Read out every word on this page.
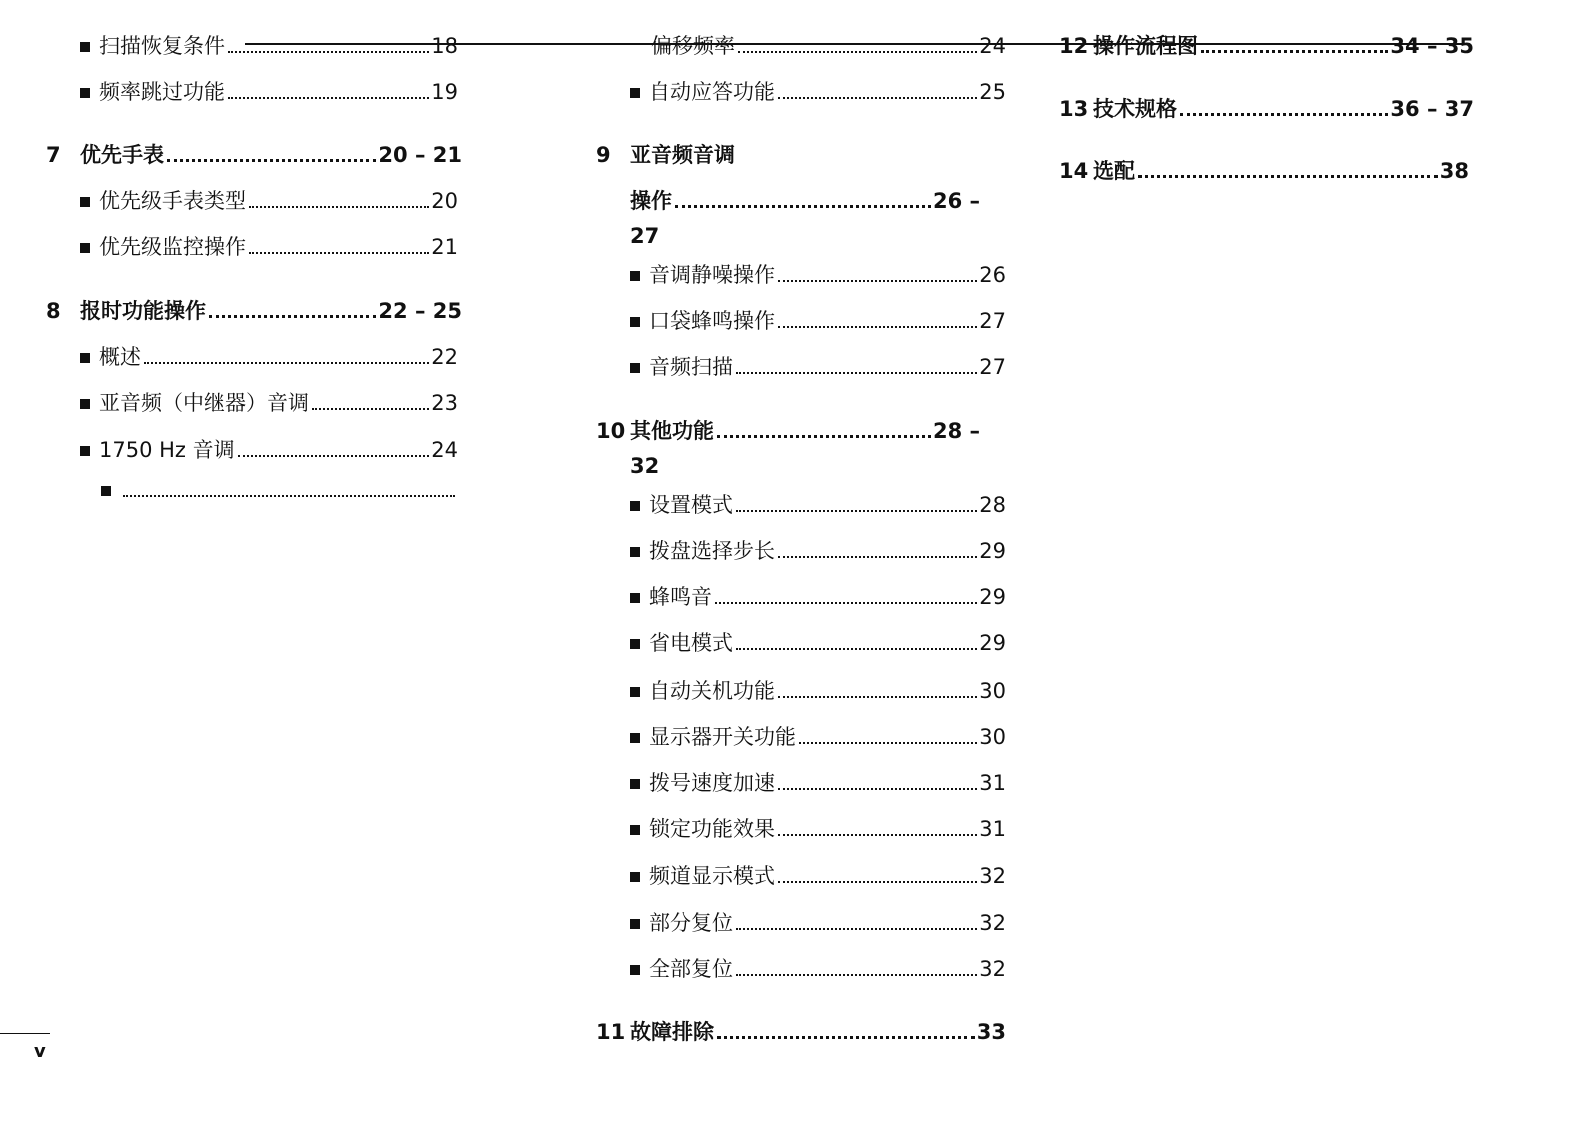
扫描恢复条件	18
频率跳过功能	19
7 优先手表	20 – 21
优先级手表类型	20
优先级监控操作	21
8 报时功能操作	22 – 25
概述	22
亚音频（中继器）音调	23
1750 Hz 音调	24
偏移频率	24
自动应答功能	25
9 亚音频音调
操作	26 –
27
音调静噪操作	26
口袋蜂鸣操作	27
音频扫描	27
10 其他功能	28 –
32
设置模式	28
拨盘选择步长	29
蜂鸣音	29
省电模式	29
自动关机功能	30
显示器开关功能	30
拨号速度加速	31
锁定功能效果	31
频道显示模式	32
部分复位	32
全部复位	32
11 故障排除	33
12 操作流程图	34 – 35
13 技术规格	36 – 37
14 选配	38
v
